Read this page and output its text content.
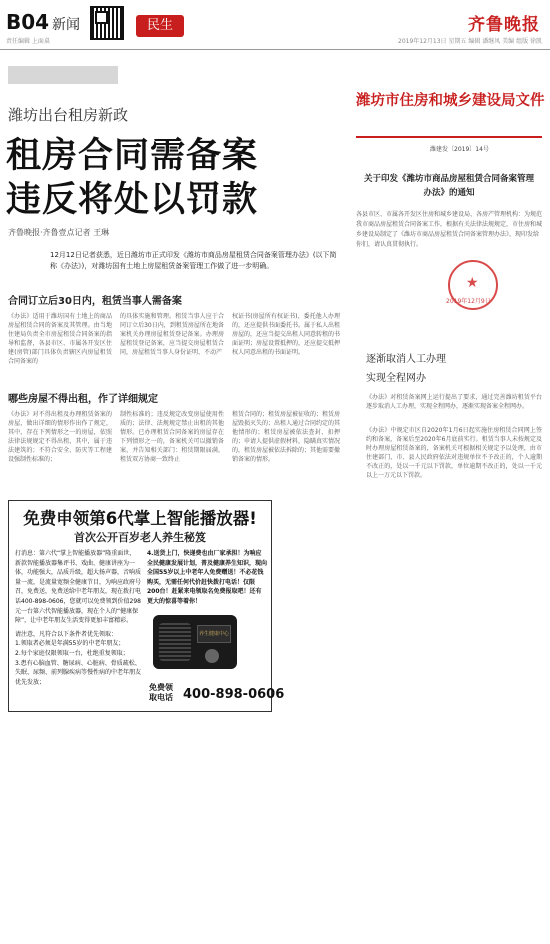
B04 新闻	民生	齐鲁晚报
责任编辑 上面桌	2019年12月13日 星期五 编辑 潘继凤 美编 组版 徐凯
潍坊出台租房新政
租房合同需备案
违反将处以罚款
齐鲁晚报·齐鲁壹点记者 王琳
12月12日记者获悉，近日潍坊市正式印发《潍坊市商品房屋租赁合同备案管理办法》(以下简称《办法》)，对潍坊国有土地上房屋租赁备案管理工作做了进一步明确。
合同订立后30日内，租赁当事人需备案
《办法》适用于潍坊国有土地上的商品房屋租赁合同的备案及其管理。由当地住建局负责全市房屋租赁合同备案的指导和监督，各县市区、市属各开发区住建(房管)部门具体负责辖区内房屋租赁合同备案的
的具体实施和管理。租赁当事人应于合同订立后30日内，到租赁房屋所在地备案机关办理房屋租赁登记备案。办理房屋租赁登记备案，应当提交房屋租赁合同，房屋租赁当事人身份证明、不动产
权证书(房屋所有权证书)、委托他人办理的，还应提供书面委托书。属于私人出租房屋的，还应当提交出租人同意转租的书面证明；房屋设置抵押的，还应提交抵押权人同意出租的书面证明。
哪些房屋不得出租，作了详细规定
《办法》对不得出租及办理租赁备案的房屋，做出详细的情形作出作了规定，其中，存在下列情形之一的房屋，依照法律法规规定不得出租，其中，属于违法建筑的；不符合安全、防灾等工程建设强制性标准的；
制性标准的；违反规定改变房屋使用性质的；法律、法规规定禁止出租的其他情形。已办理租赁合同备案的房屋存在下列情形之一的，备案机关可以撤销备案，并告知相关部门：租赁期限届满，租赁双方协商一致终止
租赁合同的；租赁房屋被征收的；租赁房屋毁损灭失的；出租人通过合同约定的其他情形的；租赁房屋被依法查封、扣押的；申请人提供虚假材料，隐瞒真实情况的，租赁房屋被依法拆除的；其他需要撤销备案的情形。
潍坊市住房和城乡建设局文件
潍建发〔2019〕14号
关于印发《潍坊市商品房屋租赁合同备案管理办法》的通知
各县市区、市属各开发区住房和城乡建设局、各房产管理机构：为规范我市商品房屋租赁合同备案工作，根据有关法律法规规定，市住房和城乡建设局制定了《潍坊市商品房屋租赁合同备案管理办法》，现印发给你们，请认真贯彻执行。
★
2019年12月9日
逐渐取消人工办理
实现全程网办
《办法》对租赁备案网上运行提出了要求，通过完善潍坊租赁平台逐步取消人工办理，实现全程网办，逐渐实现备案全程网办。
《办法》中规定市区自2020年1月6日起实施住房租赁合同网上签约和备案，备案后至2020年6月底前实行。租赁当事人未按规定及时办理房屋租赁备案的，备案机关可根据相关规定予以处理，由市住建部门、市、县人民政府依法对违规单位不予改正的，个人逾期不改正的，处以一千元以下罚款，单位逾期不改正的，处以一千元以上一万元以下罚款。
免费申领第6代掌上智能播放器!
首次公开百岁老人养生秘笈
打消息：第六代“掌上智能播放器”隆重面世，新款智能播放器集评书、戏曲、健康讲座为一体，功能强大，品质升级，超大扬声器，音响质量一流，是流量宽频全健康节目，为响应政府号召，免费送，免费送给中老年朋友，现在拨打电话400-898-0606，您就可以免费领到价值298元一台第六代智能播放器，现在个人的“健康保障”，让中老年朋友生活变得更加丰富精彩。
请注意，凡符合以下条件者优先领取：
1.领取者必须是年满55岁的中老年朋友；
2.每个家庭仅限领取一台，杜绝重复领取；
3.患有心脑血管、糖尿病、心脏病、骨质疏松、失眠、尿频、前列腺疾病等慢性病的中老年朋友优先发放；
4.送货上门，快递费也由厂家承担！为响应全民健康发展计划，普及健康养生知识，现向全国55岁以上中老年人免费赠送！不必花钱购买，无需任何代价赶快拨打电话！仅限200台！赶紧来电领取名免费报取吧！还有更大的惊喜等着你！
养生健康中心
免费领取电话 400-898-0606
